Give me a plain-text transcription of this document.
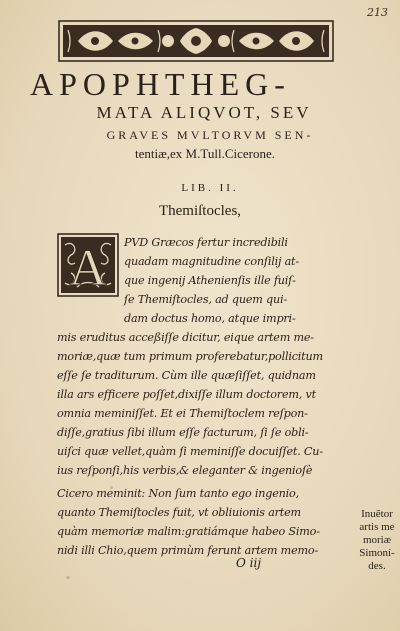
213
APOPHTHEG-
MATA ALIQVOT, SEV
GRAVES MVLTORVM SEN-
tentiæ,ex M.Tull.Cicerone.
LIB. II.
Themiſtocles,
A PVD Græcos fertur incredibili
quadam magnitudine conſilij at-
que ingenij Athenienſis ille fuiſ-
ſe Themiſtocles, ad quem qui-
dam doctus homo, atque impri-
mis eruditus acceßiſſe dicitur, eique artem me-
moriæ,quæ tum primum proferebatur,pollicitum
eſſe ſe traditurum. Cùm ille quæſiſſet, quidnam
illa ars efficere poſſet,dixiſſe illum doctorem, vt
omnia meminiſſet. Et ei Themiſtoclem reſpon-
diſſe,gratius ſibi illum eſſe facturum, ſi ſe obli-
uiſci quæ vellet,quàm ſi meminiſſe docuiſſet. Cu-
ius reſponſi,his verbis,& eleganter & ingenioſè
Cicero meminit: Non ſum tanto ego ingenio,
quanto Themiſtocles fuit, vt obliuionis artem
quàm memoriæ malim:gratiámque habeo Simo-
nidi illi Chio,quem primùm ferunt artem memo-
O iij
Inuẽtor
artis me
moriæ
Simoní-
des.
